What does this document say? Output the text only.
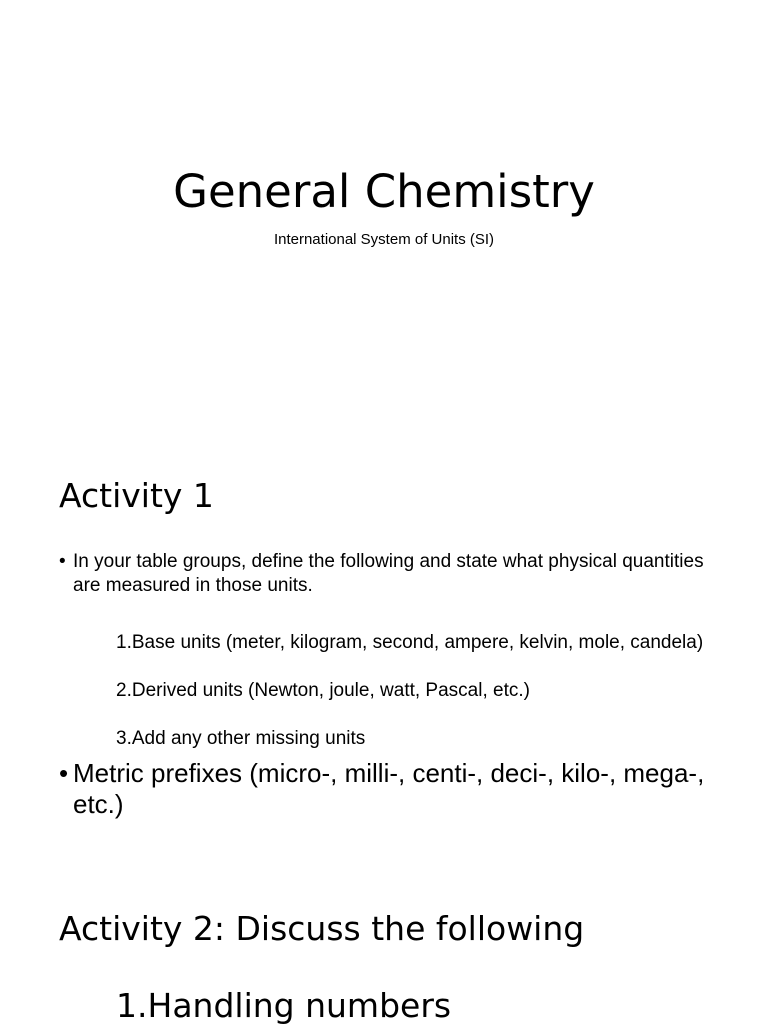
General Chemistry
International System of Units (SI)
Activity 1
• In your table groups, define the following and state what physical quantities are measured in those units.
1.Base units (meter, kilogram, second, ampere, kelvin, mole, candela)
2.Derived units (Newton, joule, watt, Pascal, etc.)
3.Add any other missing units
• Metric prefixes (micro-, milli-, centi-, deci-, kilo-, mega-, etc.)
Activity 2: Discuss the following
1.Handling numbers
